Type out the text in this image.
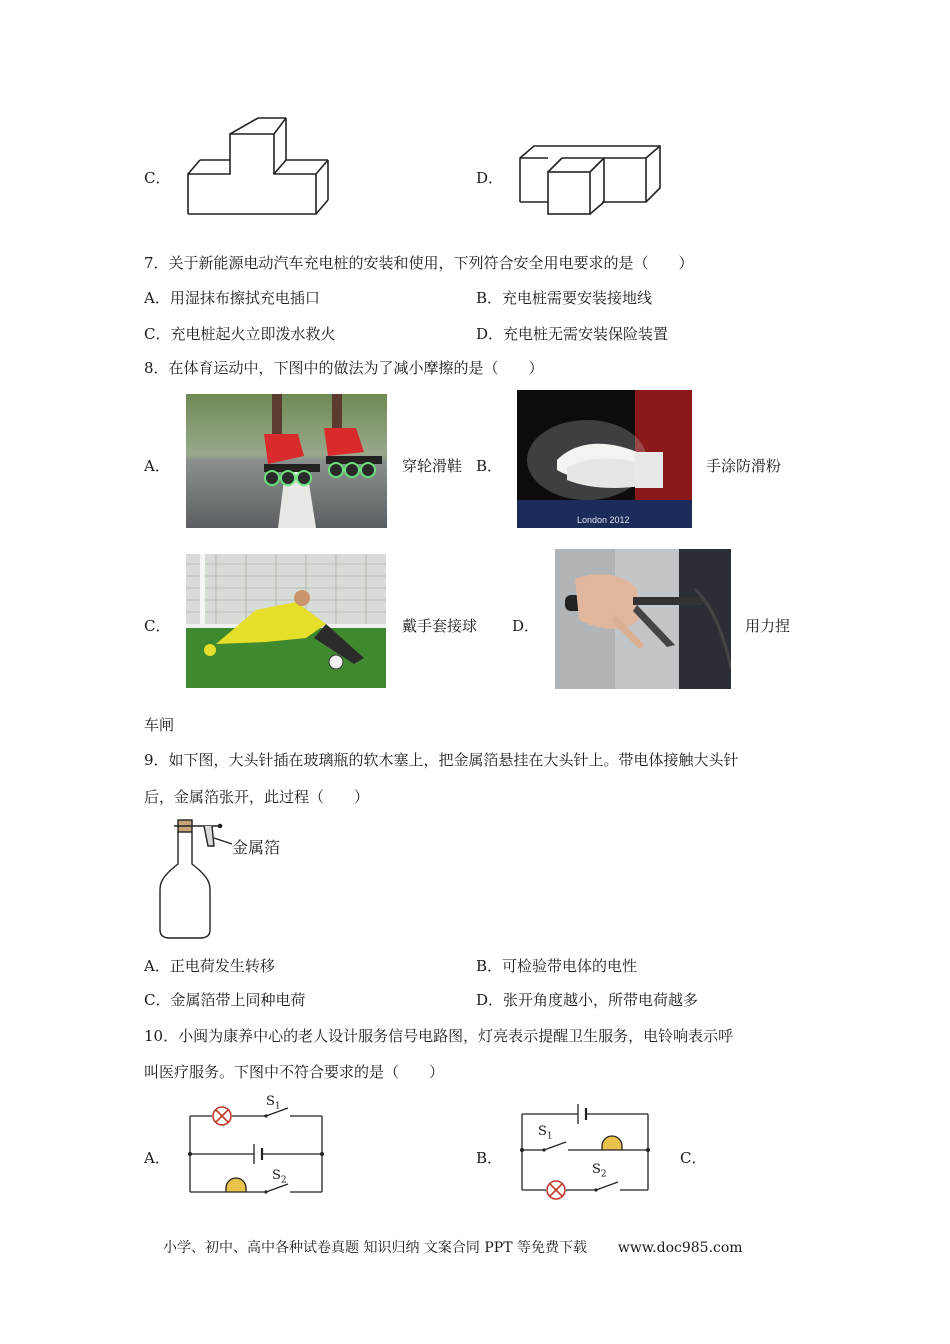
C．	D．
7．关于新能源电动汽车充电桩的安装和使用，下列符合安全用电要求的是（　　）
A．用湿抹布擦拭充电插口	B．充电桩需要安装接地线
C．充电桩起火立即泼水救火	D．充电桩无需安装保险装置
8．在体育运动中，下图中的做法为了减小摩擦的是（　　）
A．	穿轮滑鞋 B．
London 2012
手涂防滑粉
C．	戴手套接球 D．	用力捏
车闸
9．如下图，大头针插在玻璃瓶的软木塞上，把金属箔悬挂在大头针上。带电体接触大头针
后，金属箔张开，此过程（　　）
金属箔
A．正电荷发生转移	B．可检验带电体的电性
C．金属箔带上同种电荷	D．张开角度越小，所带电荷越多
10．小闽为康养中心的老人设计服务信号电路图，灯亮表示提醒卫生服务，电铃响表示呼
叫医疗服务。下图中不符合要求的是（　　）
A．
$S_1$
$S_2$
B．
$S_1$
$S_2$
C．
小学、初中、高中各种试卷真题 知识归纳 文案合同 PPT 等免费下载 www.doc985.com
